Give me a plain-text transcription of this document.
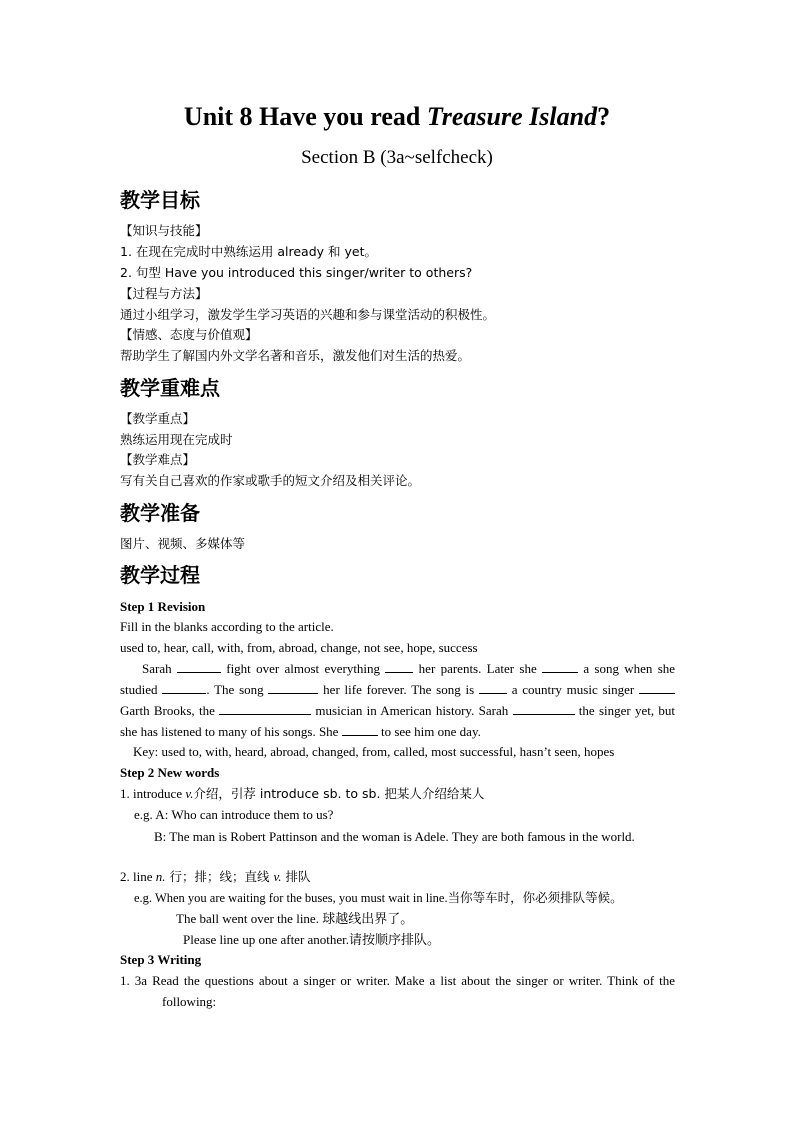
Unit 8 Have you read Treasure Island?
Section B (3a~selfcheck)
教学目标
【知识与技能】
1. 在现在完成时中熟练运用 already 和 yet。
2. 句型 Have you introduced this singer/writer to others?
【过程与方法】
通过小组学习，激发学生学习英语的兴趣和参与课堂活动的积极性。
【情感、态度与价值观】
帮助学生了解国内外文学名著和音乐，激发他们对生活的热爱。
教学重难点
【教学重点】
熟练运用现在完成时
【教学难点】
写有关自己喜欢的作家或歌手的短文介绍及相关评论。
教学准备
图片、视频、多媒体等
教学过程
Step 1 Revision
Fill in the blanks according to the article.
used to, hear, call, with, from, abroad, change, not see, hope, success
Sarah	fight over almost everything	her parents. Later she	a song when she studied	. The song	her life forever. The song is	a country music singer  Garth Brooks, the	musician in American history. Sarah	the singer yet, but she has listened to many of his songs. She	to see him one day.
Key: used to, with, heard, abroad, changed, from, called, most successful, hasn’t seen, hopes
Step 2 New words
1. introduce v.介绍，引荐 introduce sb. to sb. 把某人介绍给某人
e.g. A: Who can introduce them to us?
B: The man is Robert Pattinson and the woman is Adele. They are both famous in the world.
2. line n. 行；排；线；直线 v. 排队
e.g. When you are waiting for the buses, you must wait in line.当你等车时，你必须排队等候。
The ball went over the line. 球越线出界了。
Please line up one after another.请按顺序排队。
Step 3 Writing
1. 3a Read the questions about a singer or writer. Make a list about the singer or writer. Think of the following:
